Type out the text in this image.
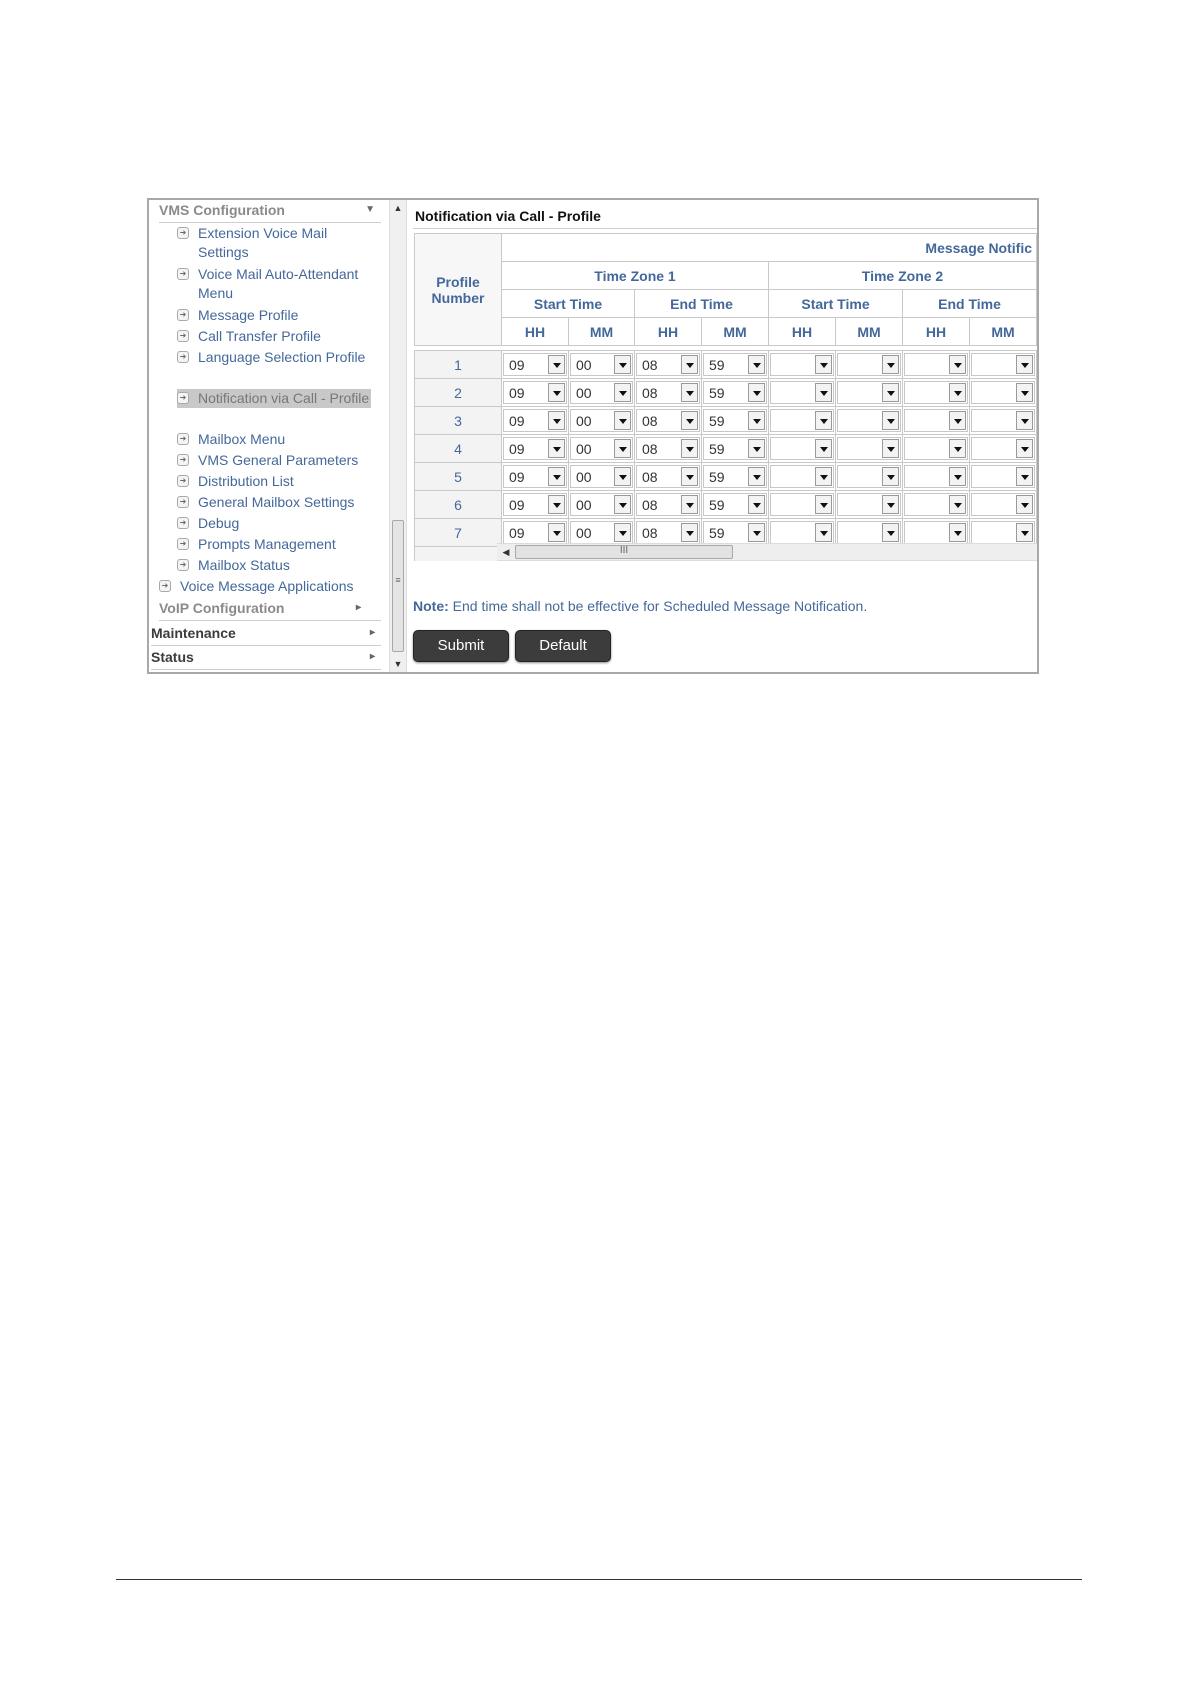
VMS Configuration	▼
➜ Extension Voice Mail Settings
➜ Voice Mail Auto-Attendant Menu
➜ Message Profile
➜ Call Transfer Profile
➜ Language Selection Profile
➜ Notification via Call - Profile
➜ Mailbox Menu
➜ VMS General Parameters
➜ Distribution List
➜ General Mailbox Settings
➜ Debug
➜ Prompts Management
➜ Mailbox Status
➜ Voice Message Applications
VoIP Configuration	▸
Maintenance	▸
Status	▸
▲
≡
▼
Notification via Call - Profile
Profile Number	Message Notific							
	Time Zone 1				Time Zone 2			
	Start Time		End Time		Start Time		End Time	
	HH	MM	HH	MM	HH	MM	HH	MM

1	09	00	08	59				

2	09	00	08	59				

3	09	00	08	59				

4	09	00	08	59				

5	09	00	08	59				

6	09	00	08	59				

7	09	00	08	59				

◀	III
Note: End time shall not be effective for Scheduled Message Notification.
Submit	Default
